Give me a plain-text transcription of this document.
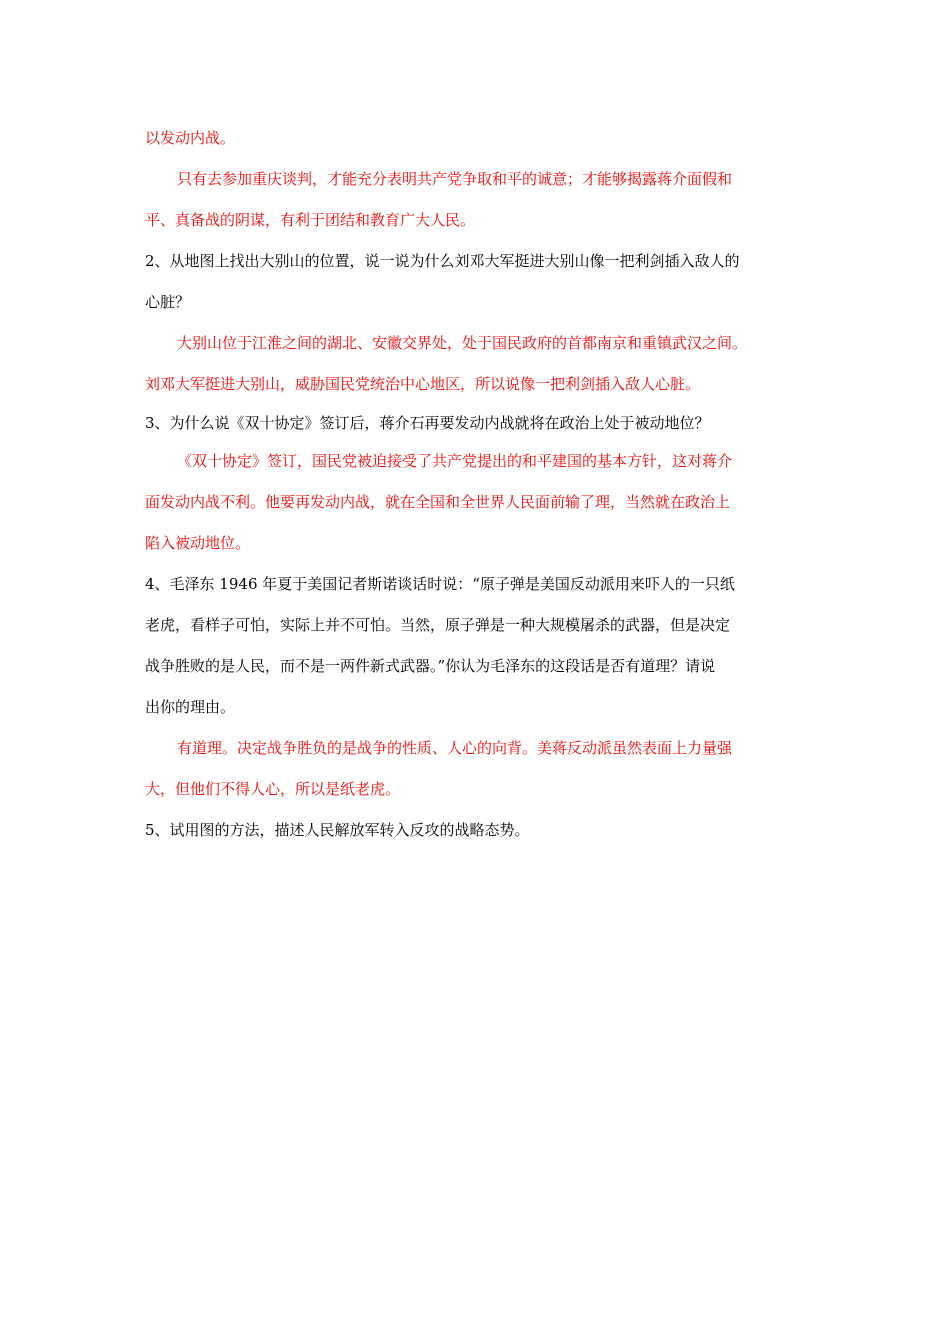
以发动内战。

只有去参加重庆谈判，才能充分表明共产党争取和平的诚意；才能够揭露蒋介面假和

平、真备战的阴谋，有利于团结和教育广大人民。

2、从地图上找出大别山的位置，说一说为什么刘邓大军挺进大别山像一把利剑插入敌人的

心脏？

大别山位于江淮之间的湖北、安徽交界处，处于国民政府的首都南京和重镇武汉之间。

刘邓大军挺进大别山，威胁国民党统治中心地区，所以说像一把利剑插入敌人心脏。

3、为什么说《双十协定》签订后，蒋介石再要发动内战就将在政治上处于被动地位？

《双十协定》签订，国民党被迫接受了共产党提出的和平建国的基本方针，这对蒋介

面发动内战不利。他要再发动内战，就在全国和全世界人民面前输了理，当然就在政治上

陷入被动地位。

4、毛泽东 1946 年夏于美国记者斯诺谈话时说：“原子弹是美国反动派用来吓人的一只纸

老虎，看样子可怕，实际上并不可怕。当然，原子弹是一种大规模屠杀的武器，但是决定

战争胜败的是人民，而不是一两件新式武器。”你认为毛泽东的这段话是否有道理？请说

出你的理由。

有道理。决定战争胜负的是战争的性质、人心的向背。美蒋反动派虽然表面上力量强

大，但他们不得人心，所以是纸老虎。

5、试用图的方法，描述人民解放军转入反攻的战略态势。
